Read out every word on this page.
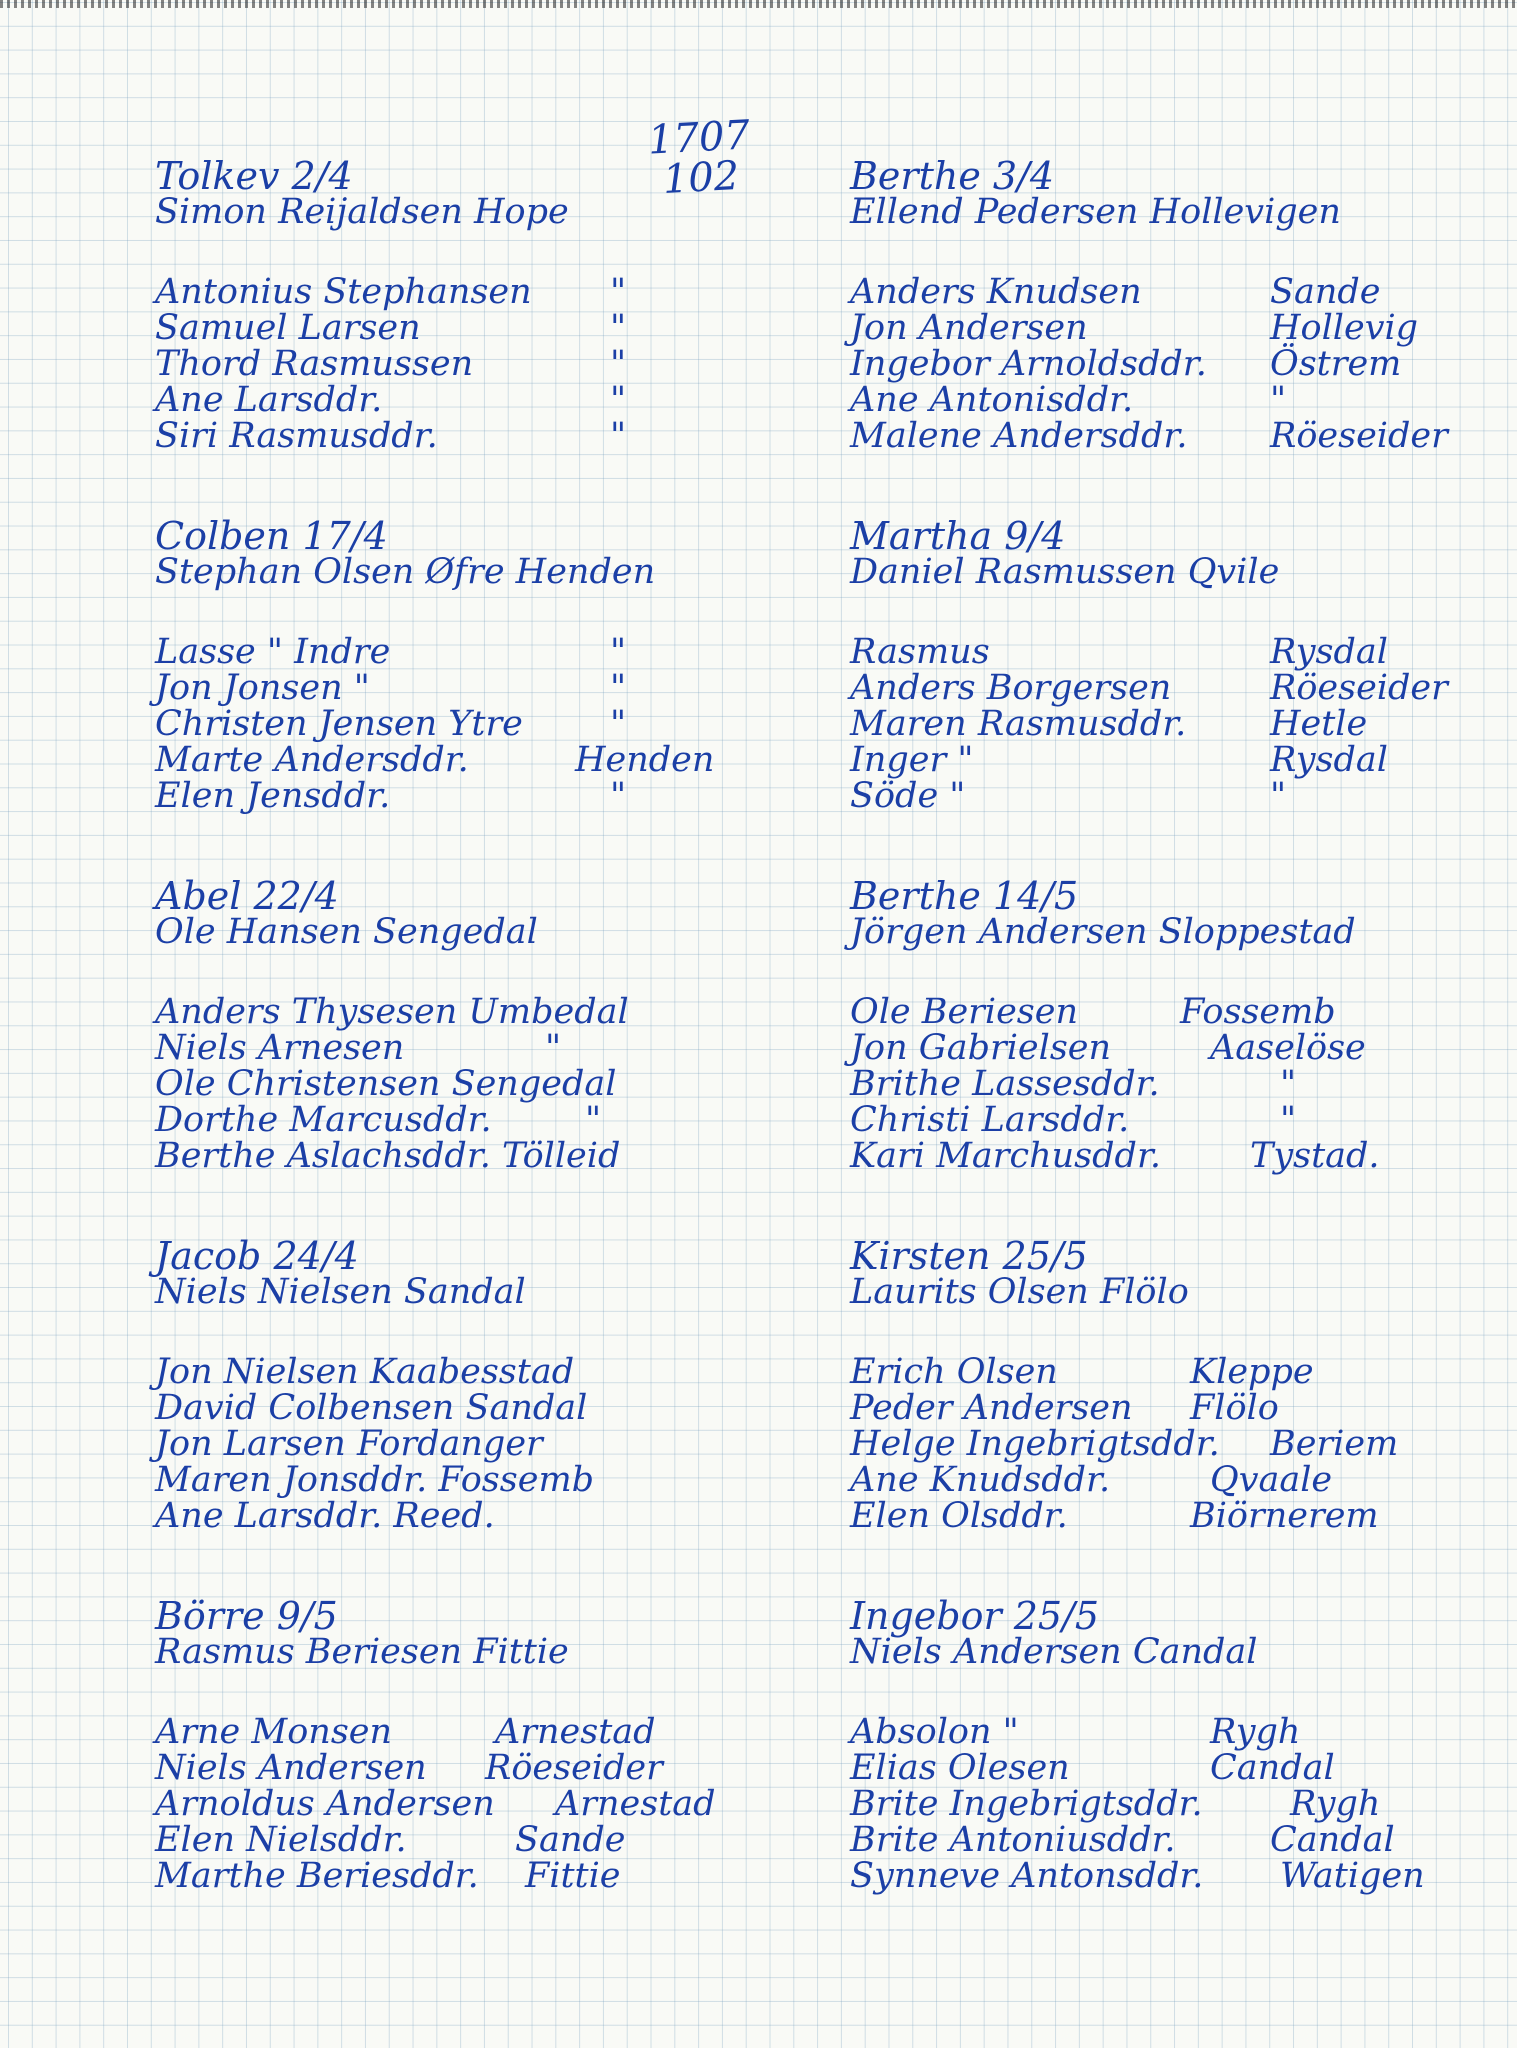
1707
102
Tolkev 2/4
Simon Reijaldsen Hope
Antonius Stephansen "
Samuel Larsen	"
Thord Rasmussen	"
Ane Larsddr.	"
Siri Rasmusddr.	"
Berthe 3/4
Ellend Pedersen Hollevigen
Anders Knudsen	Sande
Jon Andersen	Hollevig
Ingebor Arnoldsddr. Östrem
Ane Antonisddr.	"
Malene Andersddr. Röeseider
Colben 17/4
Stephan Olsen Øfre Henden
Lasse " Indre	"
Jon Jonsen "	"
Christen Jensen Ytre "
Marte Andersddr.	Henden
Elen Jensddr.	"
Martha 9/4
Daniel Rasmussen Qvile
Rasmus	Rysdal
Anders Borgersen	Röeseider
Maren Rasmusddr. Hetle
Inger "	Rysdal
Söde "	"
Abel 22/4
Ole Hansen Sengedal
Anders Thysesen Umbedal
Niels Arnesen	"
Ole Christensen Sengedal
Dorthe Marcusddr.	"
Berthe Aslachsddr. Tölleid
Berthe 14/5
Jörgen Andersen Sloppestad
Ole Beriesen	Fossemb
Jon Gabrielsen	Aaselöse
Brithe Lassesddr.	"
Christi Larsddr.	"
Kari Marchusddr.	Tystad.
Jacob 24/4
Niels Nielsen Sandal
Jon Nielsen Kaabesstad
David Colbensen Sandal
Jon Larsen Fordanger
Maren Jonsddr. Fossemb
Ane Larsddr. Reed.
Kirsten 25/5
Laurits Olsen Flölo
Erich Olsen	Kleppe
Peder Andersen Flölo
Helge Ingebrigtsddr. Beriem
Ane Knudsddr.	Qvaale
Elen Olsddr.	Biörnerem
Börre 9/5
Rasmus Beriesen Fittie
Arne Monsen	Arnestad
Niels Andersen Röeseider
Arnoldus Andersen Arnestad
Elen Nielsddr.	Sande
Marthe Beriesddr. Fittie
Ingebor 25/5
Niels Andersen Candal
Absolon "	Rygh
Elias Olesen	Candal
Brite Ingebrigtsddr. Rygh
Brite Antoniusddr.	Candal
Synneve Antonsddr. Watigen
